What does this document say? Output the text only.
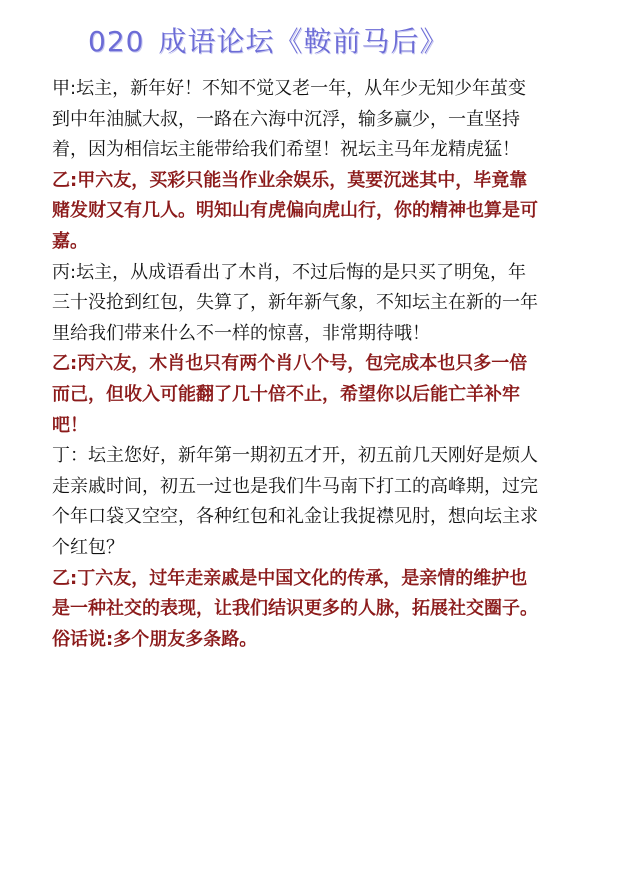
020 成语论坛《鞍前马后》

甲:坛主，新年好！不知不觉又老一年，从年少无知少年茧变
到中年油腻大叔，一路在六海中沉浮，输多赢少，一直坚持
着，因为相信坛主能带给我们希望！祝坛主马年龙精虎猛！

乙:甲六友，买彩只能当作业余娱乐，莫要沉迷其中，毕竟靠
赌发财又有几人。明知山有虎偏向虎山行，你的精神也算是可
嘉。

丙:坛主，从成语看出了木肖，不过后悔的是只买了明兔，年
三十没抢到红包，失算了，新年新气象，不知坛主在新的一年
里给我们带来什么不一样的惊喜，非常期待哦！

乙:丙六友，木肖也只有两个肖八个号，包完成本也只多一倍
而己，但收入可能翻了几十倍不止，希望你以后能亡羊补牢
吧！

丁：坛主您好，新年第一期初五才开，初五前几天刚好是烦人
走亲戚时间，初五一过也是我们牛马南下打工的高峰期，过完
个年口袋又空空，各种红包和礼金让我捉襟见肘，想向坛主求
个红包？

乙:丁六友，过年走亲戚是中国文化的传承，是亲情的维护也
是一种社交的表现，让我们结识更多的人脉，拓展社交圈子。
俗话说:多个朋友多条路。
